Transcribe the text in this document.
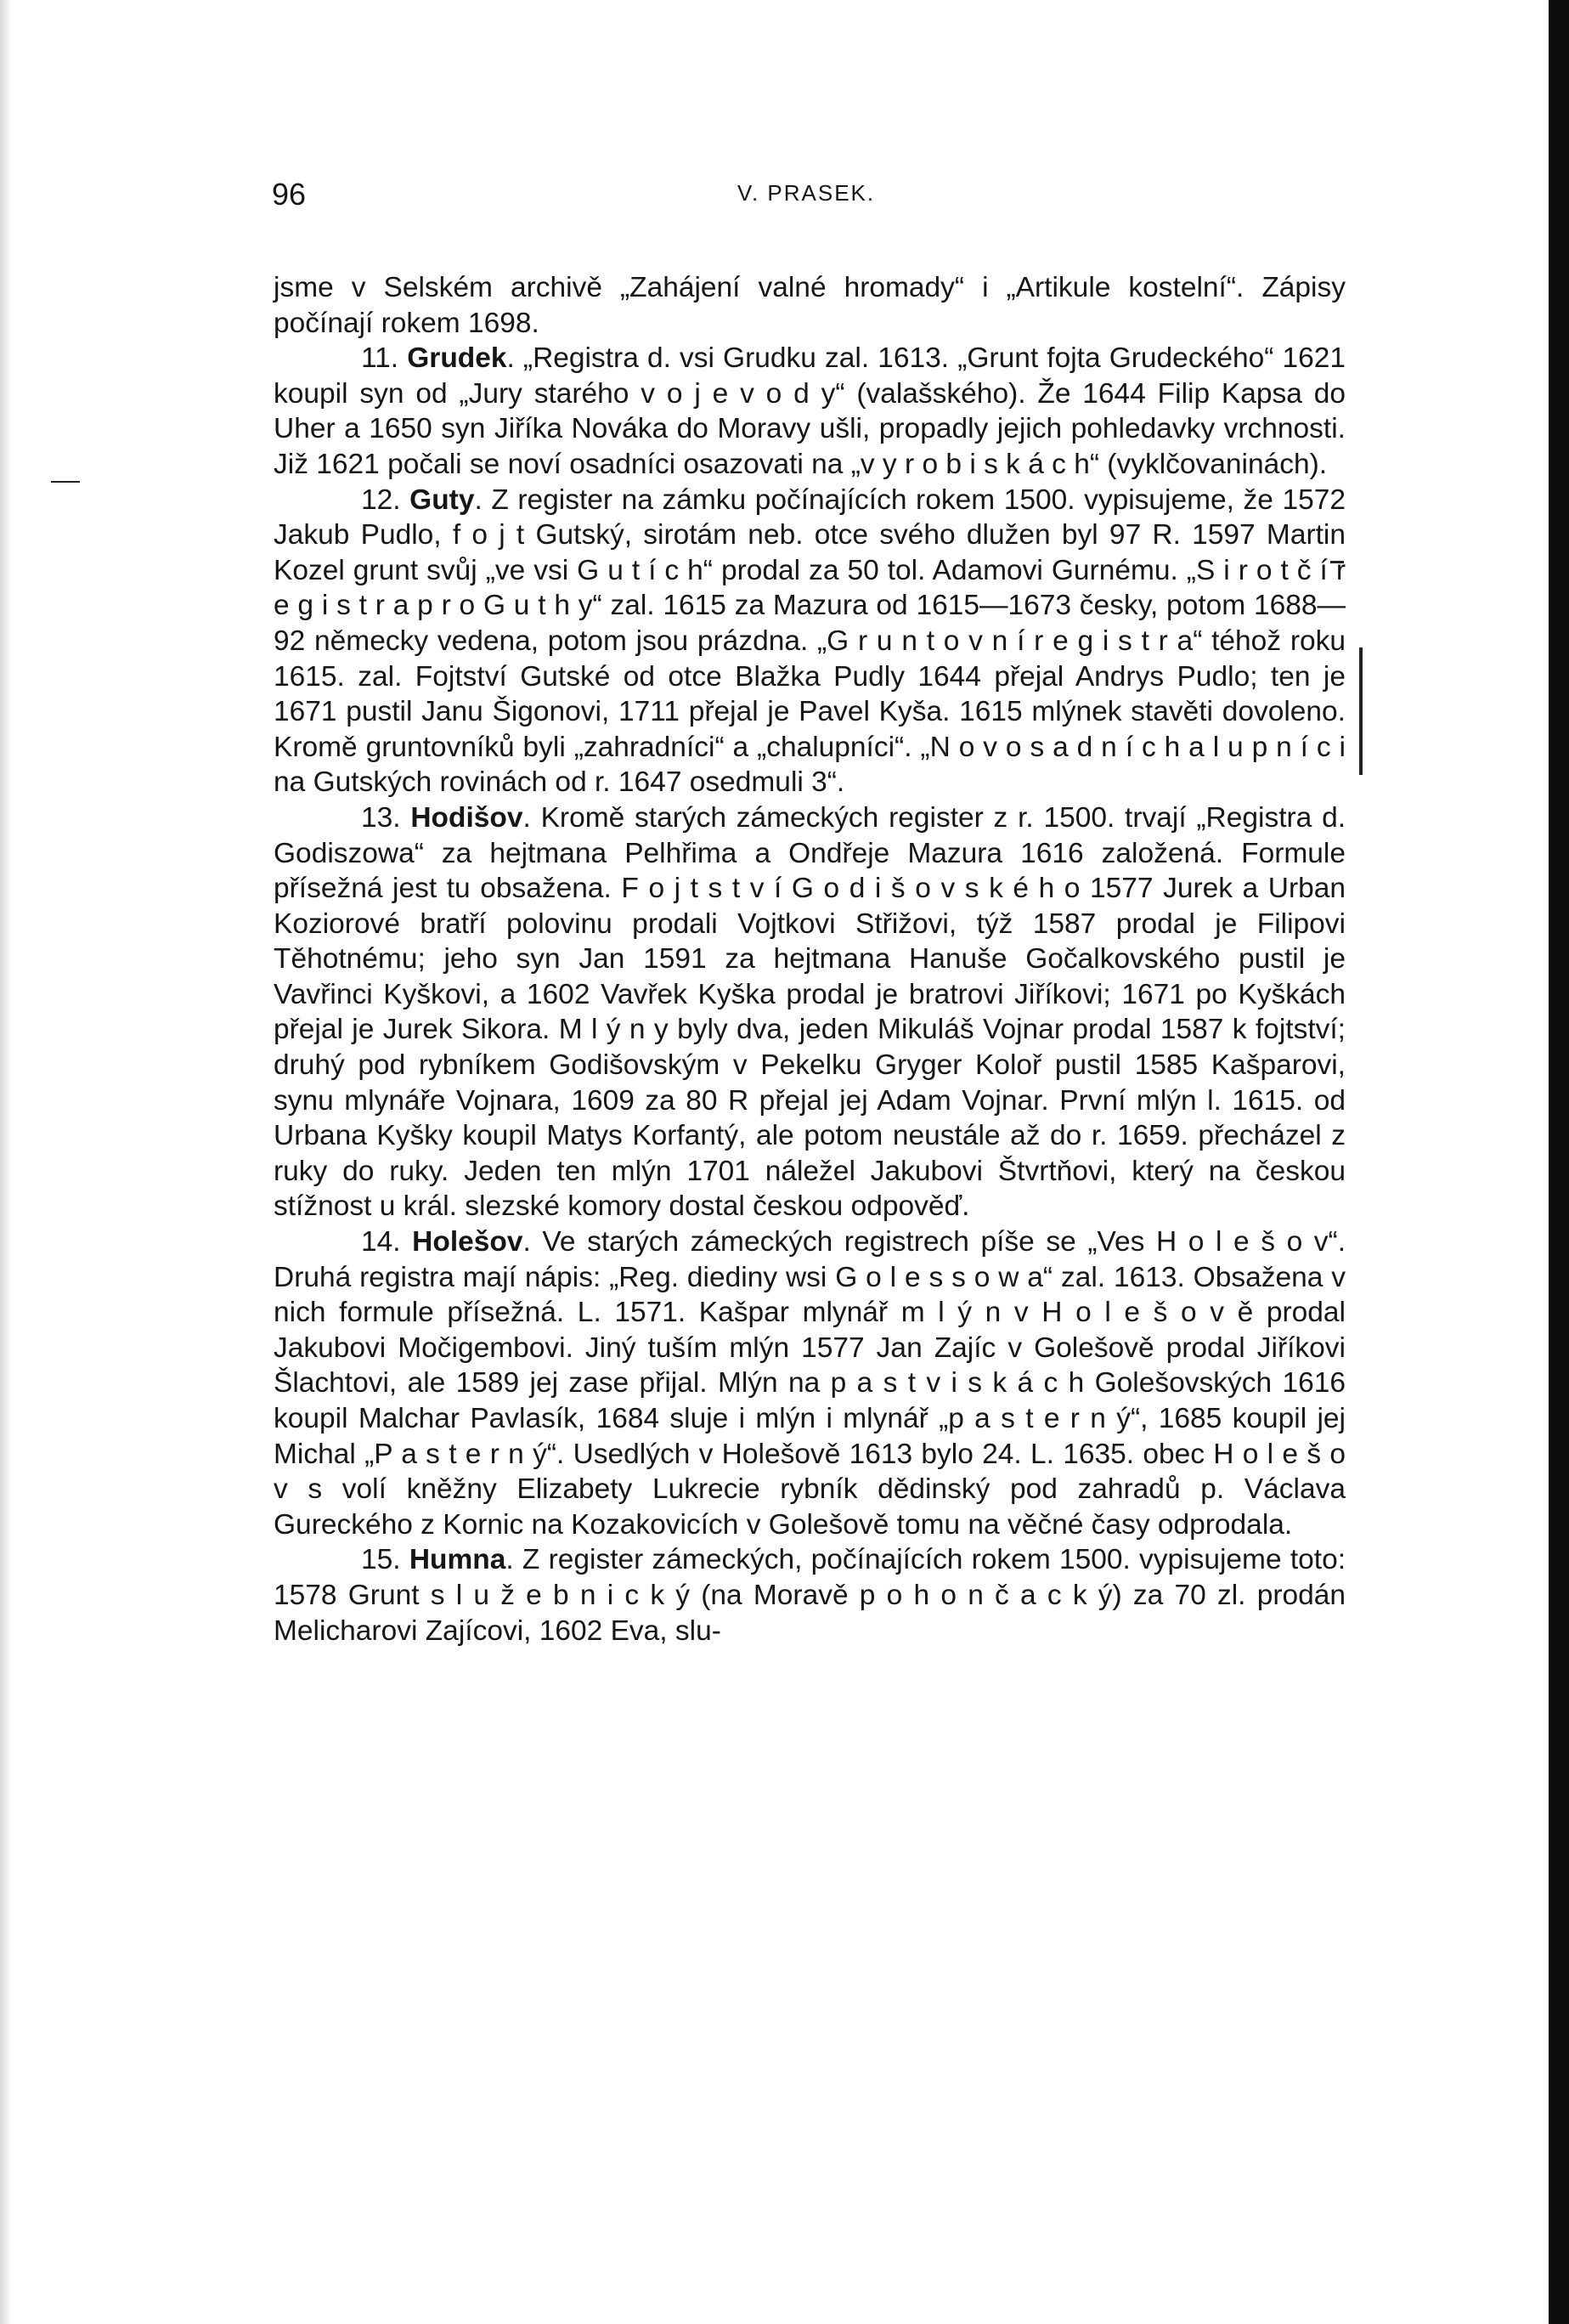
96	V. PRASEK.

jsme v Selském archivě „Zahájení valné hromady“ i „Artikule kostelní“. Zápisy počínají rokem 1698.

11. Grudek. „Registra d. vsi Grudku zal. 1613. „Grunt fojta Grudeckého“ 1621 koupil syn od „Jury starého v o j e v o d y“ (valašského). Že 1644 Filip Kapsa do Uher a 1650 syn Jiříka Nováka do Moravy ušli, propadly jejich pohledavky vrchnosti. Již 1621 počali se noví osadníci osazovati na „v y r o b i s k á c h“ (vyklčovaninách).

12. Guty. Z register na zámku počínajících rokem 1500. vypisujeme, že 1572 Jakub Pudlo, f o j t Gutský, sirotám neb. otce svého dlužen byl 97 R. 1597 Martin Kozel grunt svůj „ve vsi G u t í c h“ prodal za 50 tol. Adamovi Gurnému. „S i r o t č í r e g i s t r a p r o G u t h y“ zal. 1615 za Mazura od 1615—1673 česky, potom 1688—92 německy vedena, potom jsou prázdna. „G r u n t o v n í r e g i s t r a“ téhož roku 1615. zal. Fojtství Gutské od otce Blažka Pudly 1644 přejal Andrys Pudlo; ten je 1671 pustil Janu Šigonovi, 1711 přejal je Pavel Kyša. 1615 mlýnek stavěti dovoleno. Kromě gruntovníků byli „zahradníci“ a „chalupníci“. „N o v o s a d n í c h a l u p n í c i na Gutských rovinách od r. 1647 osedmuli 3“.

13. Hodišov. Kromě starých zámeckých register z r. 1500. trvají „Registra d. Godiszowa“ za hejtmana Pelhřima a Ondřeje Mazura 1616 založená. Formule přísežná jest tu obsažena. F o j t s t v í G o d i š o v s k é h o 1577 Jurek a Urban Koziorové bratří polovinu prodali Vojtkovi Střižovi, týž 1587 prodal je Filipovi Těhotnému; jeho syn Jan 1591 za hejtmana Hanuše Gočalkovského pustil je Vavřinci Kyškovi, a 1602 Vavřek Kyška prodal je bratrovi Jiříkovi; 1671 po Kyškách přejal je Jurek Sikora. M l ý n y byly dva, jeden Mikuláš Vojnar prodal 1587 k fojtství; druhý pod rybníkem Godišovským v Pekelku Gryger Koloř pustil 1585 Kašparovi, synu mlynáře Vojnara, 1609 za 80 R přejal jej Adam Vojnar. První mlýn l. 1615. od Urbana Kyšky koupil Matys Korfantý, ale potom neustále až do r. 1659. přecházel z ruky do ruky. Jeden ten mlýn 1701 náležel Jakubovi Štvrtňovi, který na českou stížnost u král. slezské komory dostal českou odpověď.

14. Holešov. Ve starých zámeckých registrech píše se „Ves H o l e š o v“. Druhá registra mají nápis: „Reg. diediny wsi G o l e s s o w a“ zal. 1613. Obsažena v nich formule přísežná. L. 1571. Kašpar mlynář m l ý n v H o l e š o v ě prodal Jakubovi Močigembovi. Jiný tuším mlýn 1577 Jan Zajíc v Golešově prodal Jiříkovi Šlachtovi, ale 1589 jej zase přijal. Mlýn na p a s t v i s k á c h Golešovských 1616 koupil Malchar Pavlasík, 1684 sluje i mlýn i mlynář „p a s t e r n ý“, 1685 koupil jej Michal „P a s t e r n ý“. Usedlých v Holešově 1613 bylo 24. L. 1635. obec H o l e š o v s volí kněžny Elizabety Lukrecie rybník dědinský pod zahradů p. Václava Gureckého z Kornic na Kozakovicích v Golešově tomu na věčné časy odprodala.

15. Humna. Z register zámeckých, počínajících rokem 1500. vypisujeme toto: 1578 Grunt s l u ž e b n i c k ý (na Moravě p o h o n č a c k ý) za 70 zl. prodán Melicharovi Zajícovi, 1602 Eva, slu-
